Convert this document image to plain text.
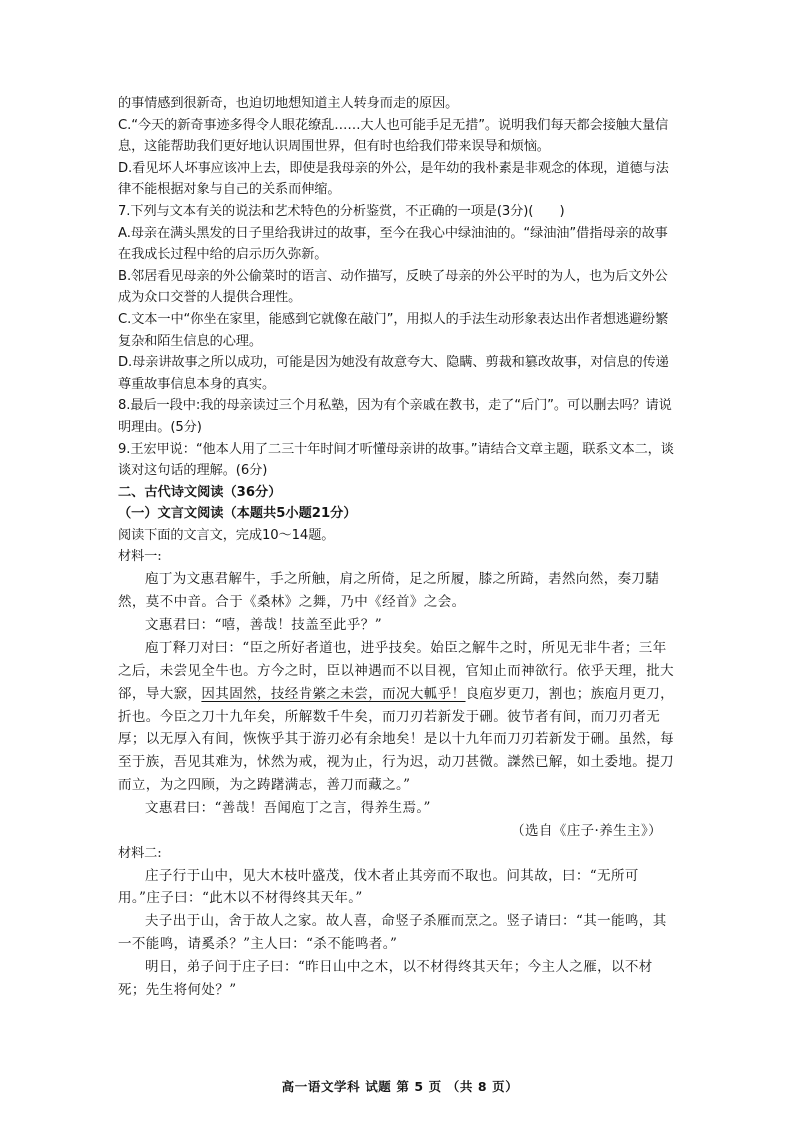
的事情感到很新奇，也迫切地想知道主人转身而走的原因。

C.“今天的新奇事迹多得令人眼花缭乱……大人也可能手足无措”。说明我们每天都会接触大量信息，这能帮助我们更好地认识周围世界，但有时也给我们带来误导和烦恼。

D.看见坏人坏事应该冲上去，即使是我母亲的外公，是年幼的我朴素是非观念的体现，道德与法律不能根据对象与自己的关系而伸缩。

7.下列与文本有关的说法和艺术特色的分析鉴赏，不正确的一项是(3分)(　　)

A.母亲在满头黑发的日子里给我讲过的故事，至今在我心中绿油油的。“绿油油”借指母亲的故事在我成长过程中给的启示历久弥新。

B.邻居看见母亲的外公偷菜时的语言、动作描写，反映了母亲的外公平时的为人，也为后文外公成为众口交誉的人提供合理性。

C.文本一中“你坐在家里，能感到它就像在敲门”，用拟人的手法生动形象表达出作者想逃避纷繁复杂和陌生信息的心理。

D.母亲讲故事之所以成功，可能是因为她没有故意夸大、隐瞒、剪裁和篡改故事，对信息的传递尊重故事信息本身的真实。

8.最后一段中:我的母亲读过三个月私塾，因为有个亲戚在教书，走了“后门”。可以删去吗？请说明理由。(5分)

9.王宏甲说：“他本人用了二三十年时间才听懂母亲讲的故事。”请结合文章主题，联系文本二，谈谈对这句话的理解。(6分)

二、古代诗文阅读（36分）

（一）文言文阅读（本题共5小题21分）

阅读下面的文言文，完成10～14题。

材料一:

庖丁为文惠君解牛，手之所触，肩之所倚，足之所履，膝之所踦，砉然向然，奏刀騞然，莫不中音。合于《桑林》之舞，乃中《经首》之会。

文惠君曰：“嘻，善哉！技盖至此乎？”

庖丁释刀对曰：“臣之所好者道也，进乎技矣。始臣之解牛之时，所见无非牛者；三年之后，未尝见全牛也。方今之时，臣以神遇而不以目视，官知止而神欲行。依乎天理，批大郤，导大窾，因其固然，技经肯綮之未尝，而况大軱乎！良庖岁更刀，割也；族庖月更刀，折也。今臣之刀十九年矣，所解数千牛矣，而刀刃若新发于硎。彼节者有间，而刀刃者无厚；以无厚入有间，恢恢乎其于游刃必有余地矣！是以十九年而刀刃若新发于硎。虽然，每至于族，吾见其难为，怵然为戒，视为止，行为迟，动刀甚微。謋然已解，如土委地。提刀而立，为之四顾，为之踌躇满志，善刀而藏之。”

文惠君曰：“善哉！吾闻庖丁之言，得养生焉。”

（选自《庄子·养生主》）

材料二:

庄子行于山中，见大木枝叶盛茂，伐木者止其旁而不取也。问其故，曰：“无所可用。”庄子曰：“此木以不材得终其天年。”

夫子出于山，舍于故人之家。故人喜，命竖子杀雁而烹之。竖子请曰：“其一能鸣，其一不能鸣，请奚杀？”主人曰：“杀不能鸣者。”

明日，弟子问于庄子曰：“昨日山中之木，以不材得终其天年；今主人之雁，以不材死；先生将何处？”

高一语文学科 试题 第 5 页 （共 8 页）
